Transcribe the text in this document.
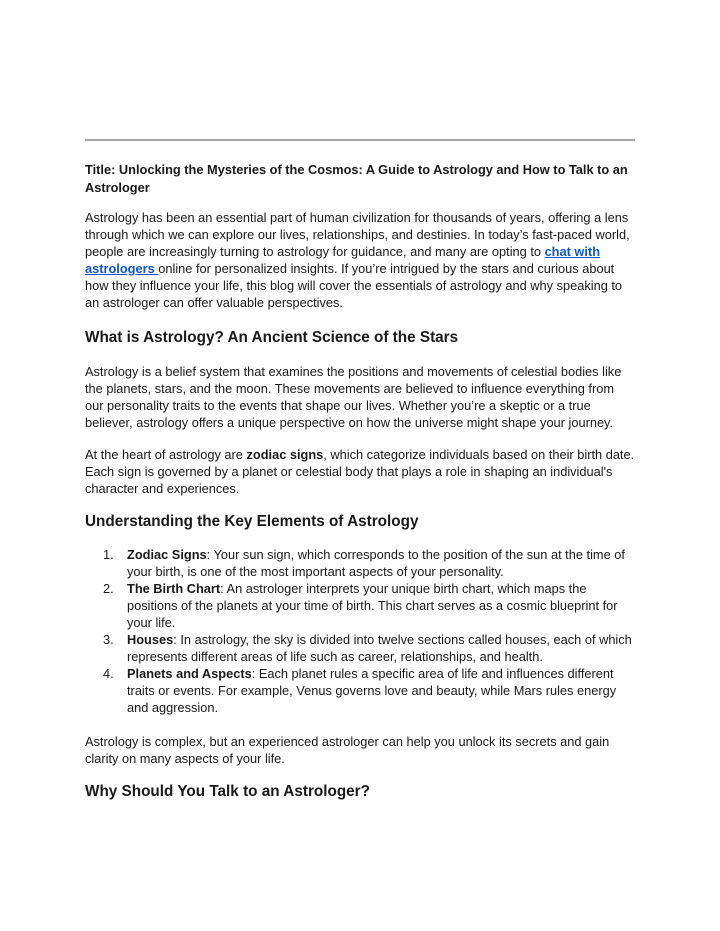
Title: Unlocking the Mysteries of the Cosmos: A Guide to Astrology and How to Talk to an Astrologer

Astrology has been an essential part of human civilization for thousands of years, offering a lens through which we can explore our lives, relationships, and destinies. In today’s fast-paced world, people are increasingly turning to astrology for guidance, and many are opting to chat with astrologers online for personalized insights. If you’re intrigued by the stars and curious about how they influence your life, this blog will cover the essentials of astrology and why speaking to an astrologer can offer valuable perspectives.

What is Astrology? An Ancient Science of the Stars

Astrology is a belief system that examines the positions and movements of celestial bodies like the planets, stars, and the moon. These movements are believed to influence everything from our personality traits to the events that shape our lives. Whether you’re a skeptic or a true believer, astrology offers a unique perspective on how the universe might shape your journey.

At the heart of astrology are zodiac signs, which categorize individuals based on their birth date. Each sign is governed by a planet or celestial body that plays a role in shaping an individual's character and experiences.

Understanding the Key Elements of Astrology
1. Zodiac Signs: Your sun sign, which corresponds to the position of the sun at the time of your birth, is one of the most important aspects of your personality.
2. The Birth Chart: An astrologer interprets your unique birth chart, which maps the positions of the planets at your time of birth. This chart serves as a cosmic blueprint for your life.
3. Houses: In astrology, the sky is divided into twelve sections called houses, each of which represents different areas of life such as career, relationships, and health.
4. Planets and Aspects: Each planet rules a specific area of life and influences different traits or events. For example, Venus governs love and beauty, while Mars rules energy and aggression.

Astrology is complex, but an experienced astrologer can help you unlock its secrets and gain clarity on many aspects of your life.

Why Should You Talk to an Astrologer?
